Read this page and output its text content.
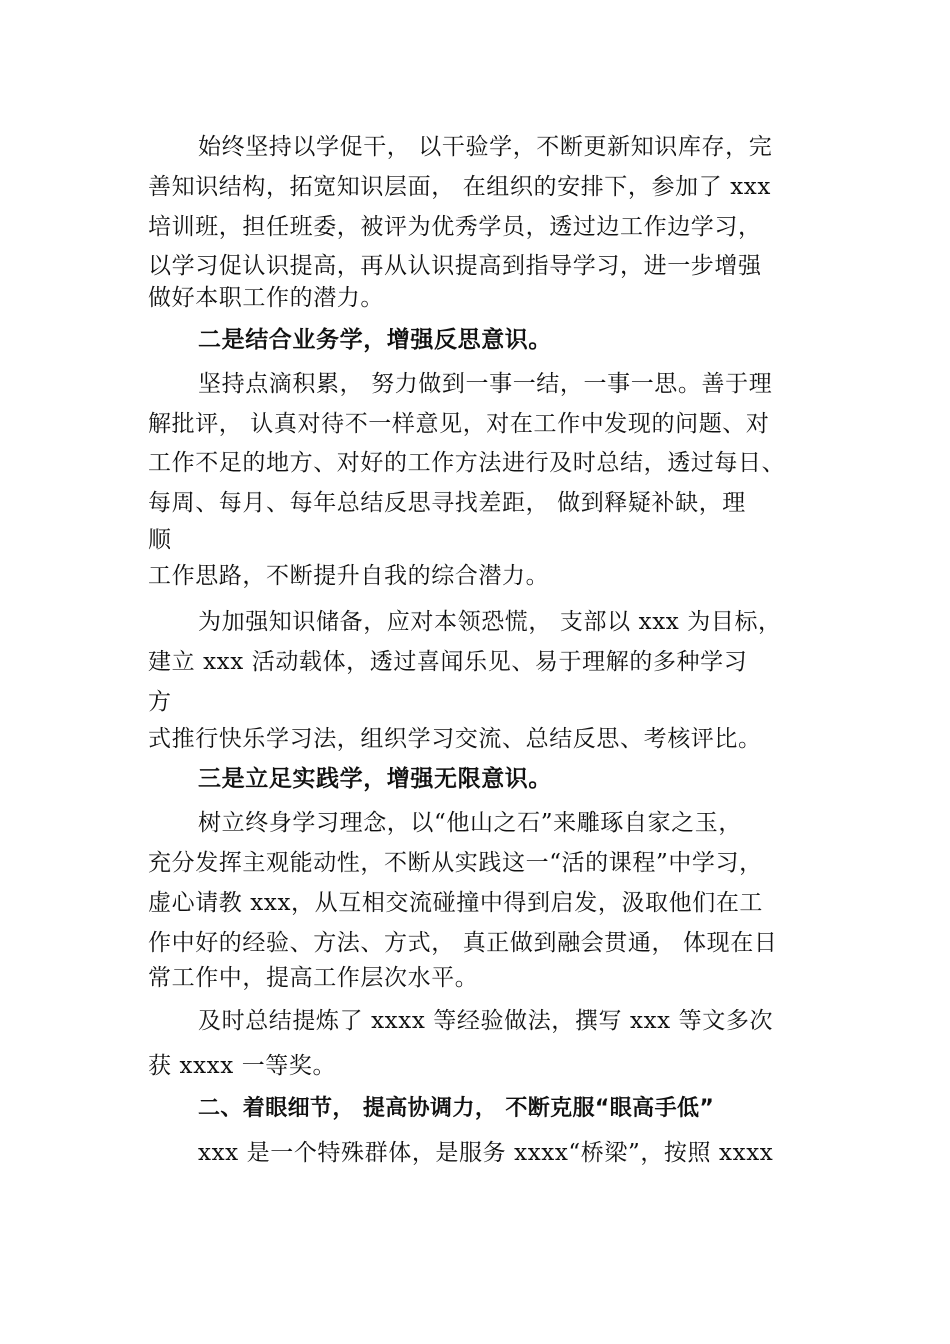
始终坚持以学促干， 以干验学，不断更新知识库存，完
善知识结构，拓宽知识层面， 在组织的安排下，参加了 xxx
培训班，担任班委，被评为优秀学员，透过边工作边学习，
以学习促认识提高，再从认识提高到指导学习，进一步增强
做好本职工作的潜力。
二是结合业务学，增强反思意识。
坚持点滴积累， 努力做到一事一结，一事一思。善于理
解批评， 认真对待不一样意见，对在工作中发现的问题、对
工作不足的地方、对好的工作方法进行及时总结，透过每日、
每周、每月、每年总结反思寻找差距， 做到释疑补缺，理
顺
工作思路，不断提升自我的综合潜力。
为加强知识储备，应对本领恐慌， 支部以 xxx 为目标，
建立 xxx 活动载体，透过喜闻乐见、易于理解的多种学习
方
式推行快乐学习法，组织学习交流、总结反思、考核评比。
三是立足实践学，增强无限意识。
树立终身学习理念，以“他山之石”来雕琢自家之玉，
充分发挥主观能动性，不断从实践这一“活的课程”中学习，
虚心请教 xxx，从互相交流碰撞中得到启发，汲取他们在工
作中好的经验、方法、方式， 真正做到融会贯通， 体现在日
常工作中，提高工作层次水平。
及时总结提炼了 xxxx 等经验做法，撰写 xxx 等文多次
获 xxxx 一等奖。
二、着眼细节， 提高协调力， 不断克服“眼高手低”
xxx 是一个特殊群体，是服务 xxxx“桥梁”，按照 xxxx
